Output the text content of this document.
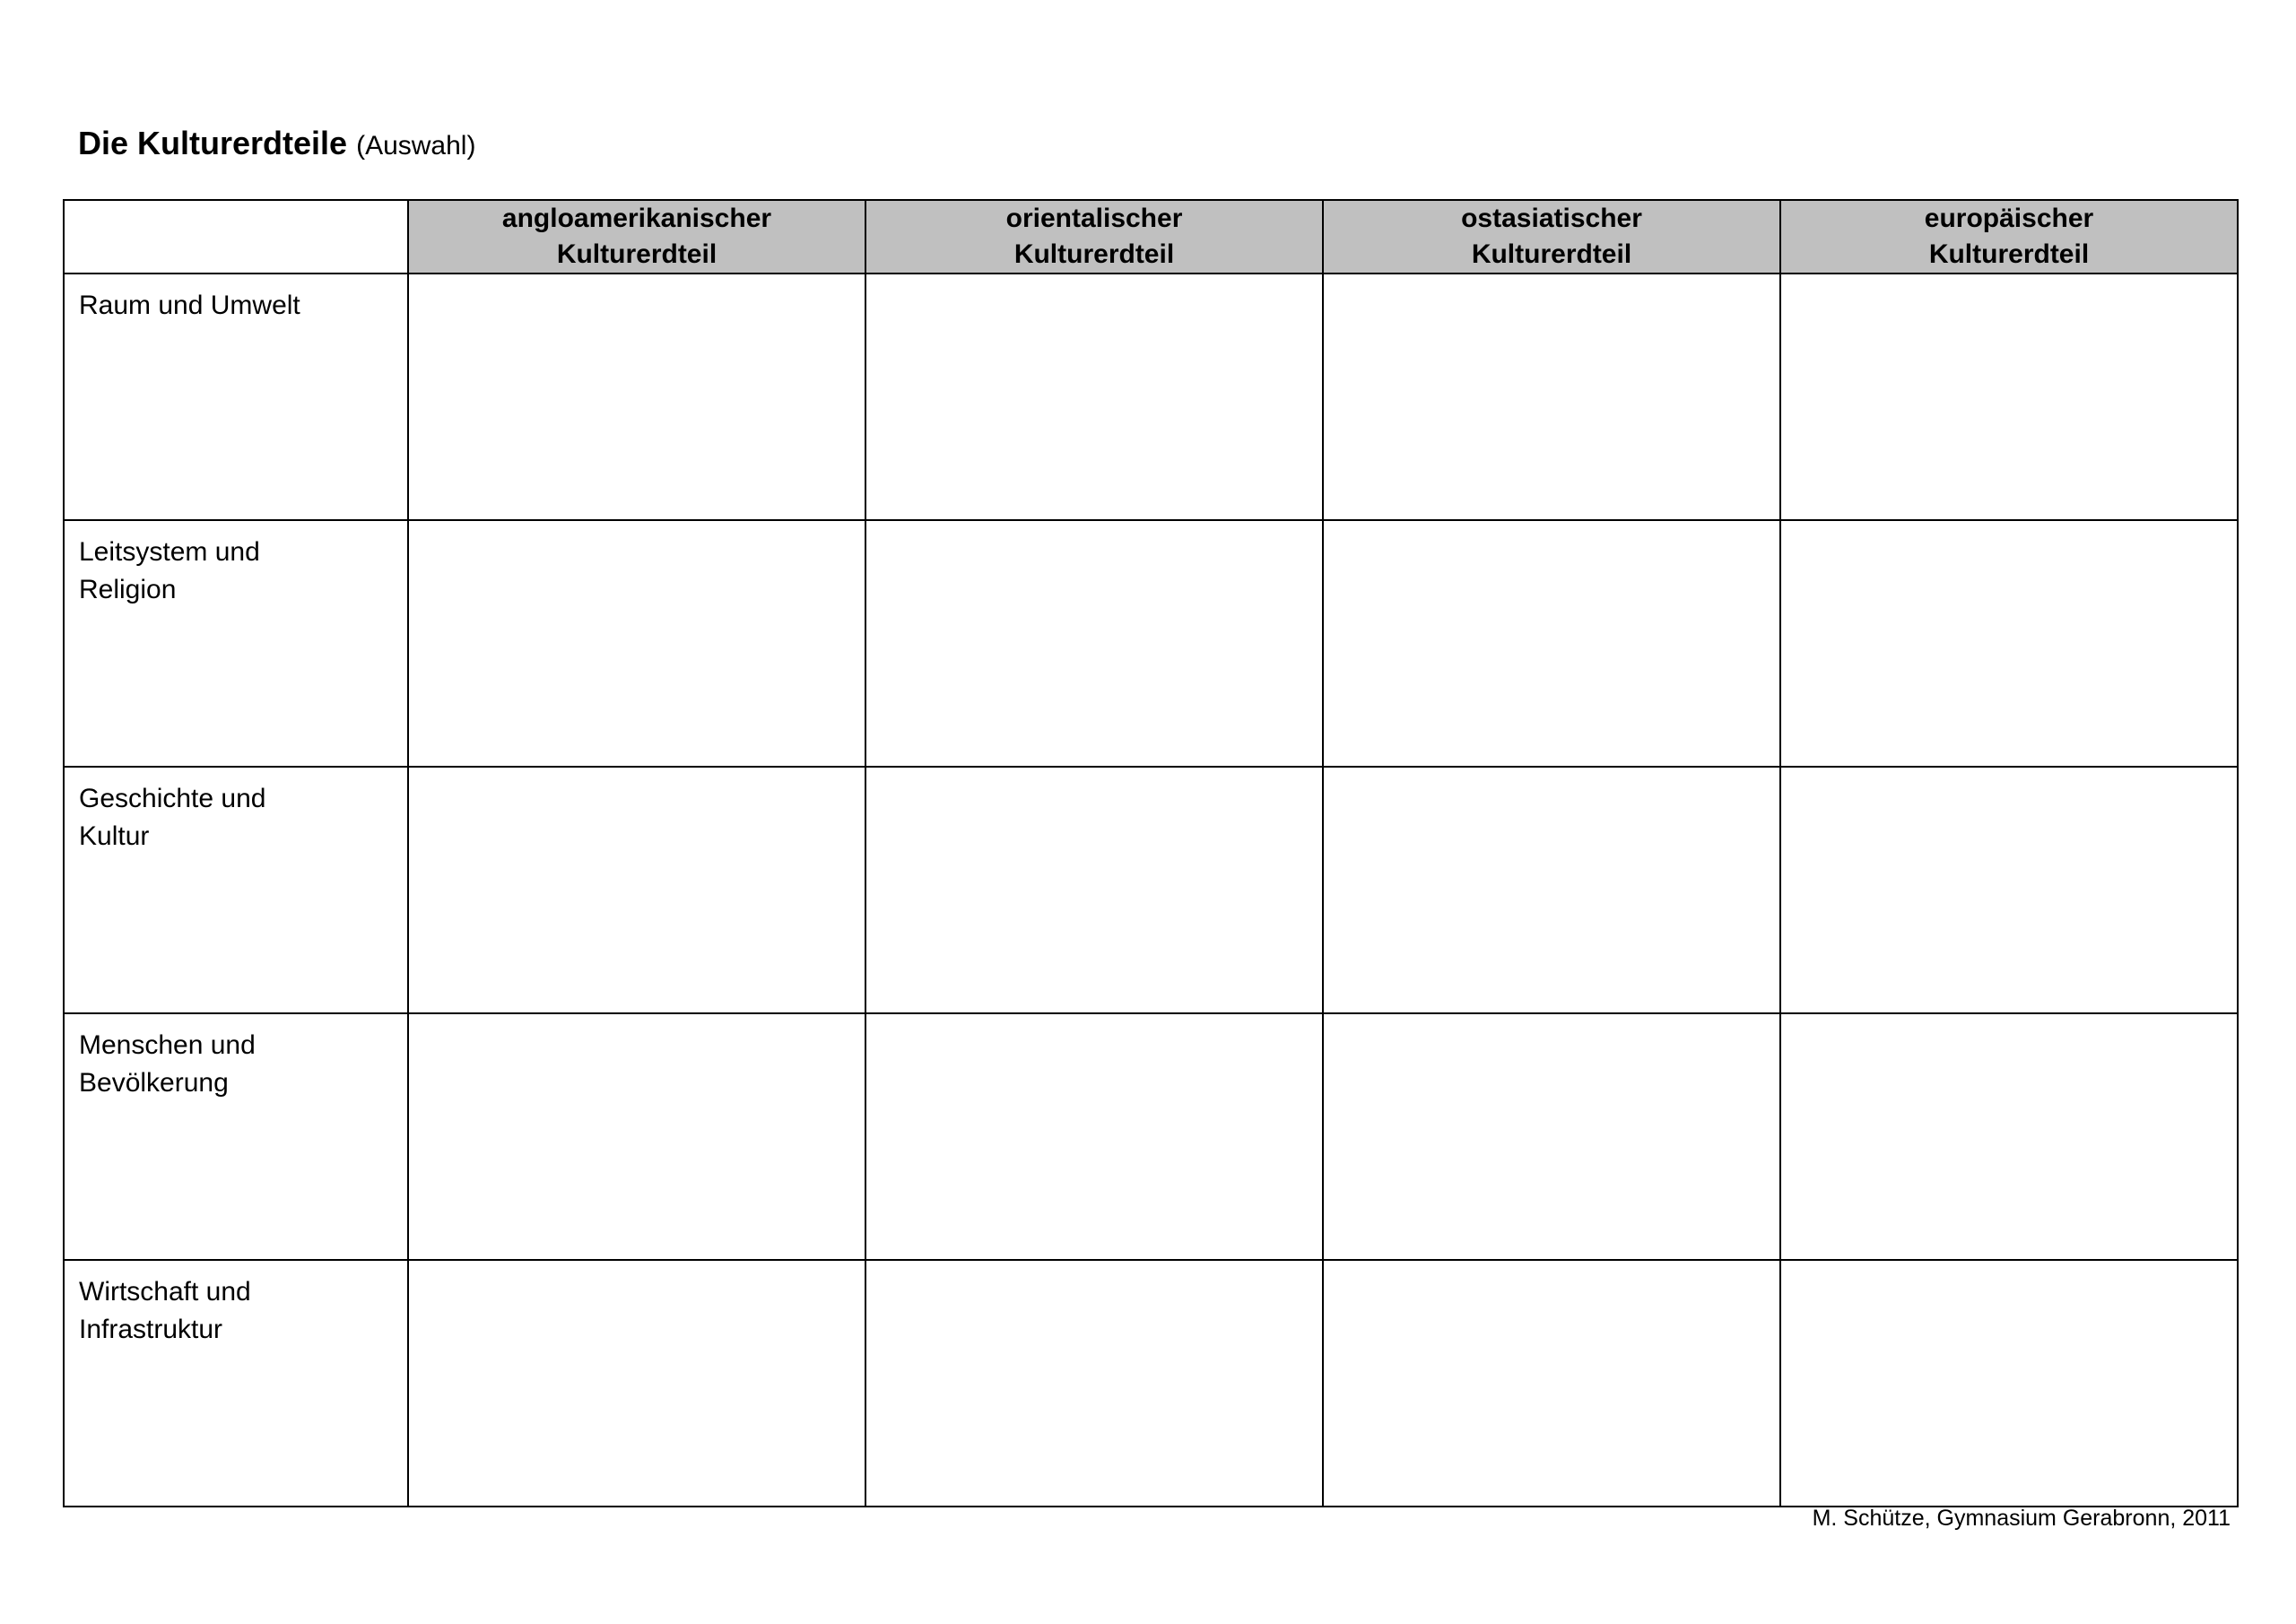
Die Kulturerdteile (Auswahl)
	angloamerikanischer Kulturerdteil	orientalischer Kulturerdteil	ostasiatischer Kulturerdteil	europäischer Kulturerdteil

Raum und Umwelt				

Leitsystem und Religion				

Geschichte und Kultur				

Menschen und Bevölkerung				

Wirtschaft und Infrastruktur				

M. Schütze, Gymnasium Gerabronn, 2011
